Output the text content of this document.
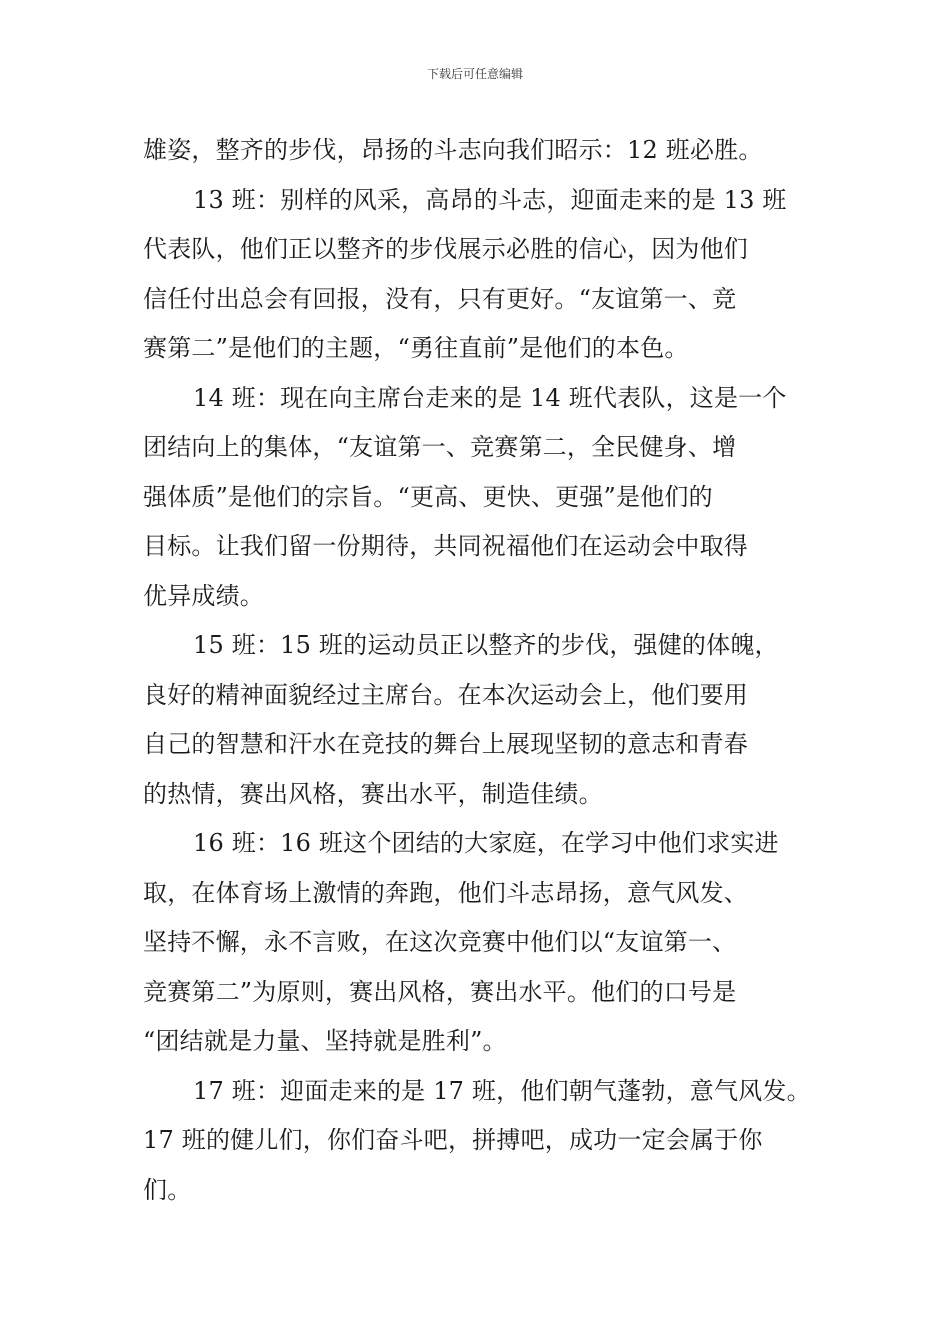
下载后可任意编辑
雄姿，整齐的步伐，昂扬的斗志向我们昭示：12 班必胜。
13 班：别样的风采，高昂的斗志，迎面走来的是 13 班
代表队，他们正以整齐的步伐展示必胜的信心，因为他们
信任付出总会有回报，没有，只有更好。“友谊第一、竞
赛第二”是他们的主题，“勇往直前”是他们的本色。
14 班：现在向主席台走来的是 14 班代表队，这是一个
团结向上的集体，“友谊第一、竞赛第二，全民健身、增
强体质”是他们的宗旨。“更高、更快、更强”是他们的
目标。让我们留一份期待，共同祝福他们在运动会中取得
优异成绩。
15 班：15 班的运动员正以整齐的步伐，强健的体魄，
良好的精神面貌经过主席台。在本次运动会上，他们要用
自己的智慧和汗水在竞技的舞台上展现坚韧的意志和青春
的热情，赛出风格，赛出水平，制造佳绩。
16 班：16 班这个团结的大家庭，在学习中他们求实进
取，在体育场上激情的奔跑，他们斗志昂扬，意气风发、
坚持不懈，永不言败，在这次竞赛中他们以“友谊第一、
竞赛第二”为原则，赛出风格，赛出水平。他们的口号是
“团结就是力量、坚持就是胜利”。
17 班：迎面走来的是 17 班，他们朝气蓬勃，意气风发。
17 班的健儿们，你们奋斗吧，拼搏吧，成功一定会属于你
们。
